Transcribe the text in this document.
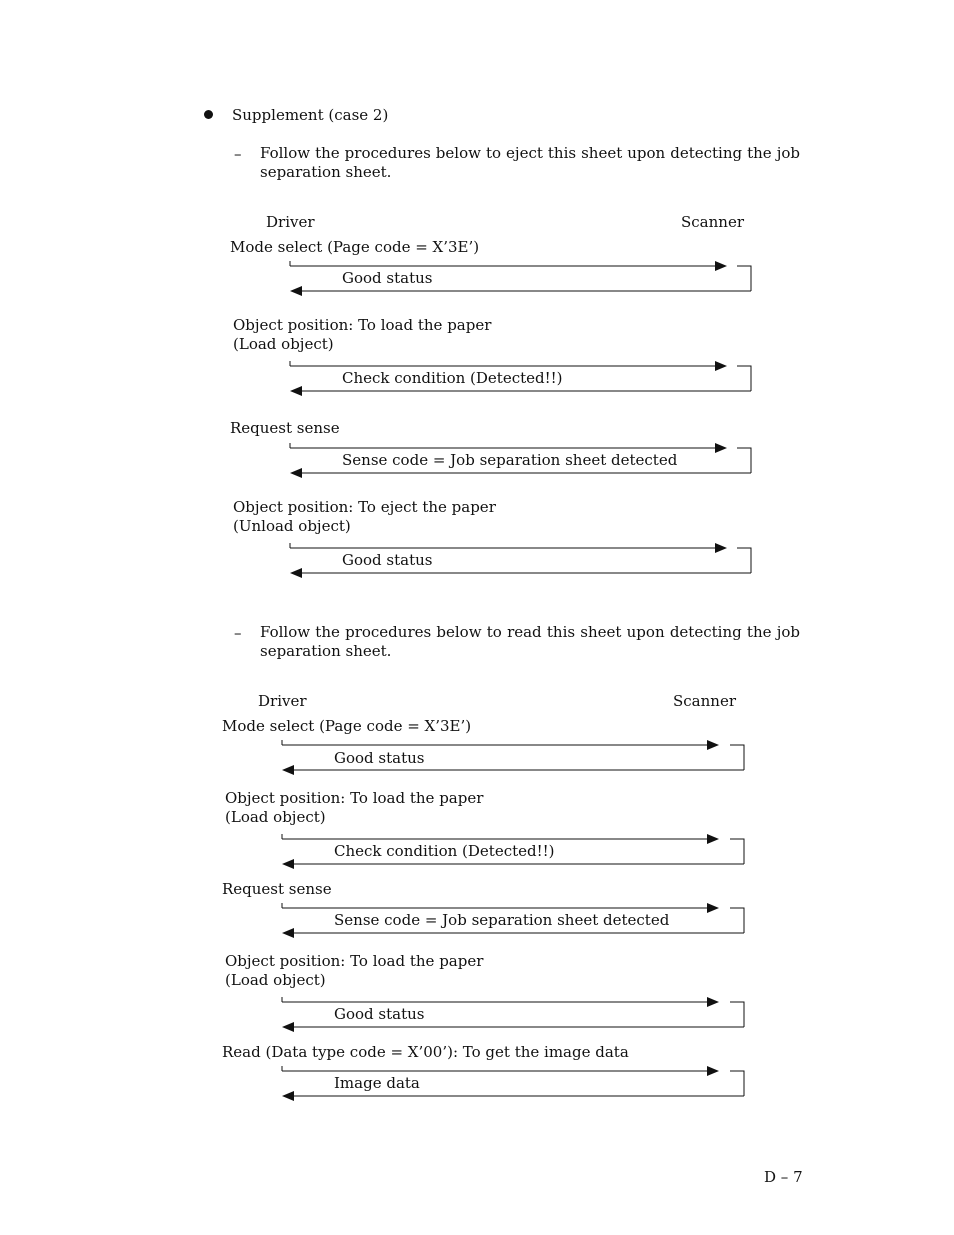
Supplement (case 2)
– Follow the procedures below to eject this sheet upon detecting the job separation sheet.
Driver	Scanner
Mode select (Page code = X’3E’)
Good status
Object position: To load the paper
(Load object)
Check condition (Detected!!)
Request sense
Sense code = Job separation sheet detected
Object position: To eject the paper
(Unload object)
Good status
– Follow the procedures below to read this sheet upon detecting the job separation sheet.
Driver	Scanner
Mode select (Page code = X’3E’)
Good status
Object position: To load the paper
(Load object)
Check condition (Detected!!)
Request sense
Sense code = Job separation sheet detected
Object position: To load the paper
(Load object)
Good status
Read (Data type code = X’00’): To get the image data
Image data
D – 7
